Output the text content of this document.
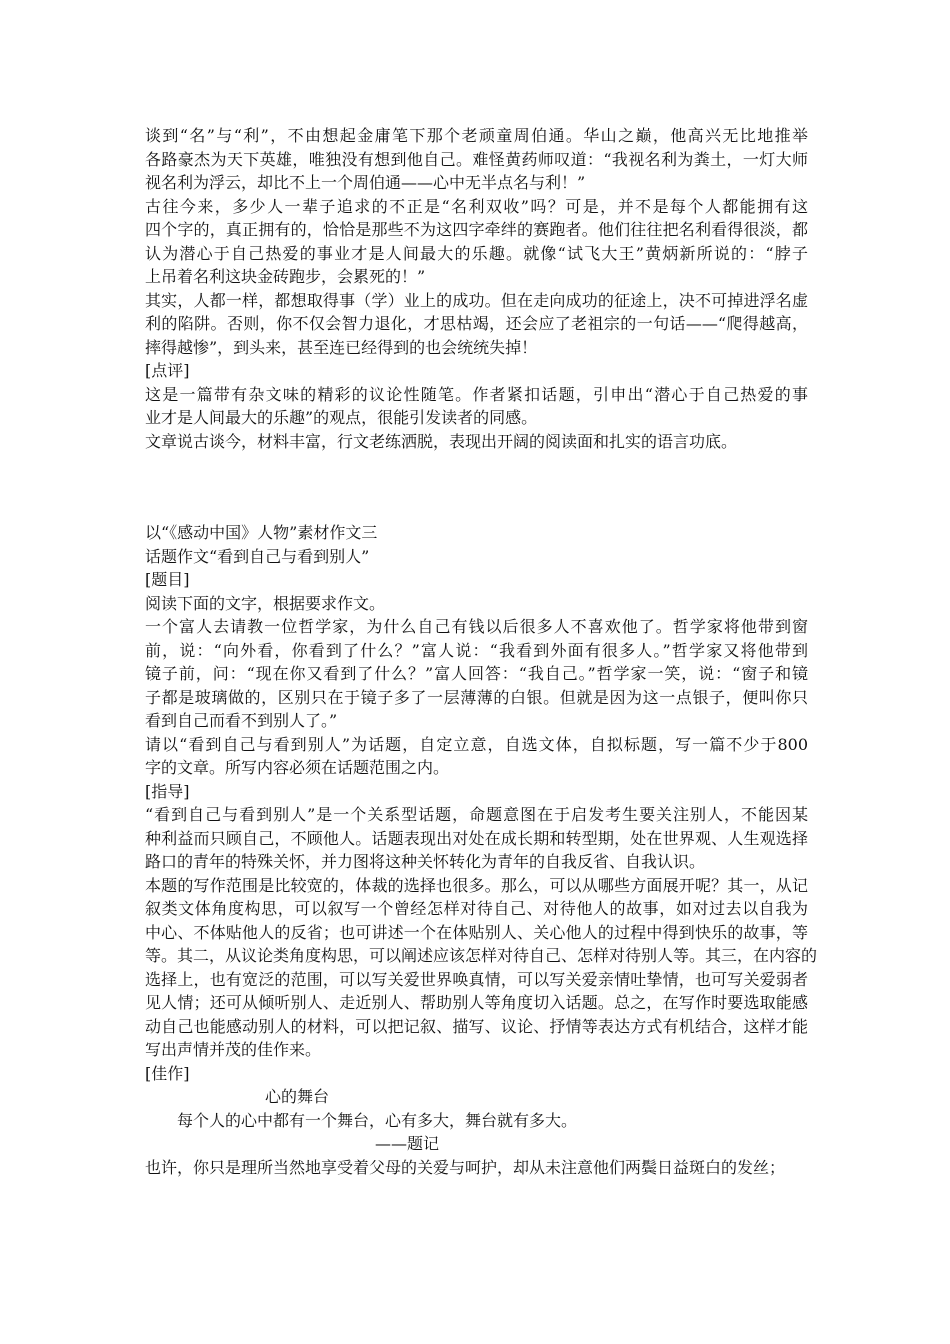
谈到“名”与“利”，不由想起金庸笔下那个老顽童周伯通。华山之巅，他高兴无比地推举
各路豪杰为天下英雄，唯独没有想到他自己。难怪黄药师叹道：“我视名利为粪土，一灯大师
视名利为浮云，却比不上一个周伯通——心中无半点名与利！”
古往今来，多少人一辈子追求的不正是“名利双收”吗？可是，并不是每个人都能拥有这
四个字的，真正拥有的，恰恰是那些不为这四字牵绊的赛跑者。他们往往把名利看得很淡，都
认为潜心于自己热爱的事业才是人间最大的乐趣。就像“试飞大王”黄炳新所说的：“脖子
上吊着名利这块金砖跑步，会累死的！”
其实，人都一样，都想取得事（学）业上的成功。但在走向成功的征途上，决不可掉进浮名虚
利的陷阱。否则，你不仅会智力退化，才思枯竭，还会应了老祖宗的一句话——“爬得越高，
摔得越惨”，到头来，甚至连已经得到的也会统统失掉！
[点评]
这是一篇带有杂文味的精彩的议论性随笔。作者紧扣话题，引申出“潜心于自己热爱的事
业才是人间最大的乐趣”的观点，很能引发读者的同感。
文章说古谈今，材料丰富，行文老练洒脱，表现出开阔的阅读面和扎实的语言功底。
以“《感动中国》人物”素材作文三
话题作文“看到自己与看到别人”
[题目]
阅读下面的文字，根据要求作文。
一个富人去请教一位哲学家，为什么自己有钱以后很多人不喜欢他了。哲学家将他带到窗
前，说：“向外看，你看到了什么？”富人说：“我看到外面有很多人。”哲学家又将他带到
镜子前，问：“现在你又看到了什么？”富人回答：“我自己。”哲学家一笑，说：“窗子和镜
子都是玻璃做的，区别只在于镜子多了一层薄薄的白银。但就是因为这一点银子，便叫你只
看到自己而看不到别人了。”
请以“看到自己与看到别人”为话题，自定立意，自选文体，自拟标题，写一篇不少于800
字的文章。所写内容必须在话题范围之内。
[指导]
“看到自己与看到别人”是一个关系型话题，命题意图在于启发考生要关注别人，不能因某
种利益而只顾自己，不顾他人。话题表现出对处在成长期和转型期，处在世界观、人生观选择
路口的青年的特殊关怀，并力图将这种关怀转化为青年的自我反省、自我认识。
本题的写作范围是比较宽的，体裁的选择也很多。那么，可以从哪些方面展开呢？其一，从记
叙类文体角度构思，可以叙写一个曾经怎样对待自己、对待他人的故事，如对过去以自我为
中心、不体贴他人的反省；也可讲述一个在体贴别人、关心他人的过程中得到快乐的故事，等
等。其二，从议论类角度构思，可以阐述应该怎样对待自己、怎样对待别人等。其三，在内容的
选择上，也有宽泛的范围，可以写关爱世界唤真情，可以写关爱亲情吐挚情，也可写关爱弱者
见人情；还可从倾听别人、走近别人、帮助别人等角度切入话题。总之，在写作时要选取能感
动自己也能感动别人的材料，可以把记叙、描写、议论、抒情等表达方式有机结合，这样才能
写出声情并茂的佳作来。
[佳作]
心的舞台
每个人的心中都有一个舞台，心有多大，舞台就有多大。
——题记
也许，你只是理所当然地享受着父母的关爱与呵护，却从未注意他们两鬓日益斑白的发丝；
